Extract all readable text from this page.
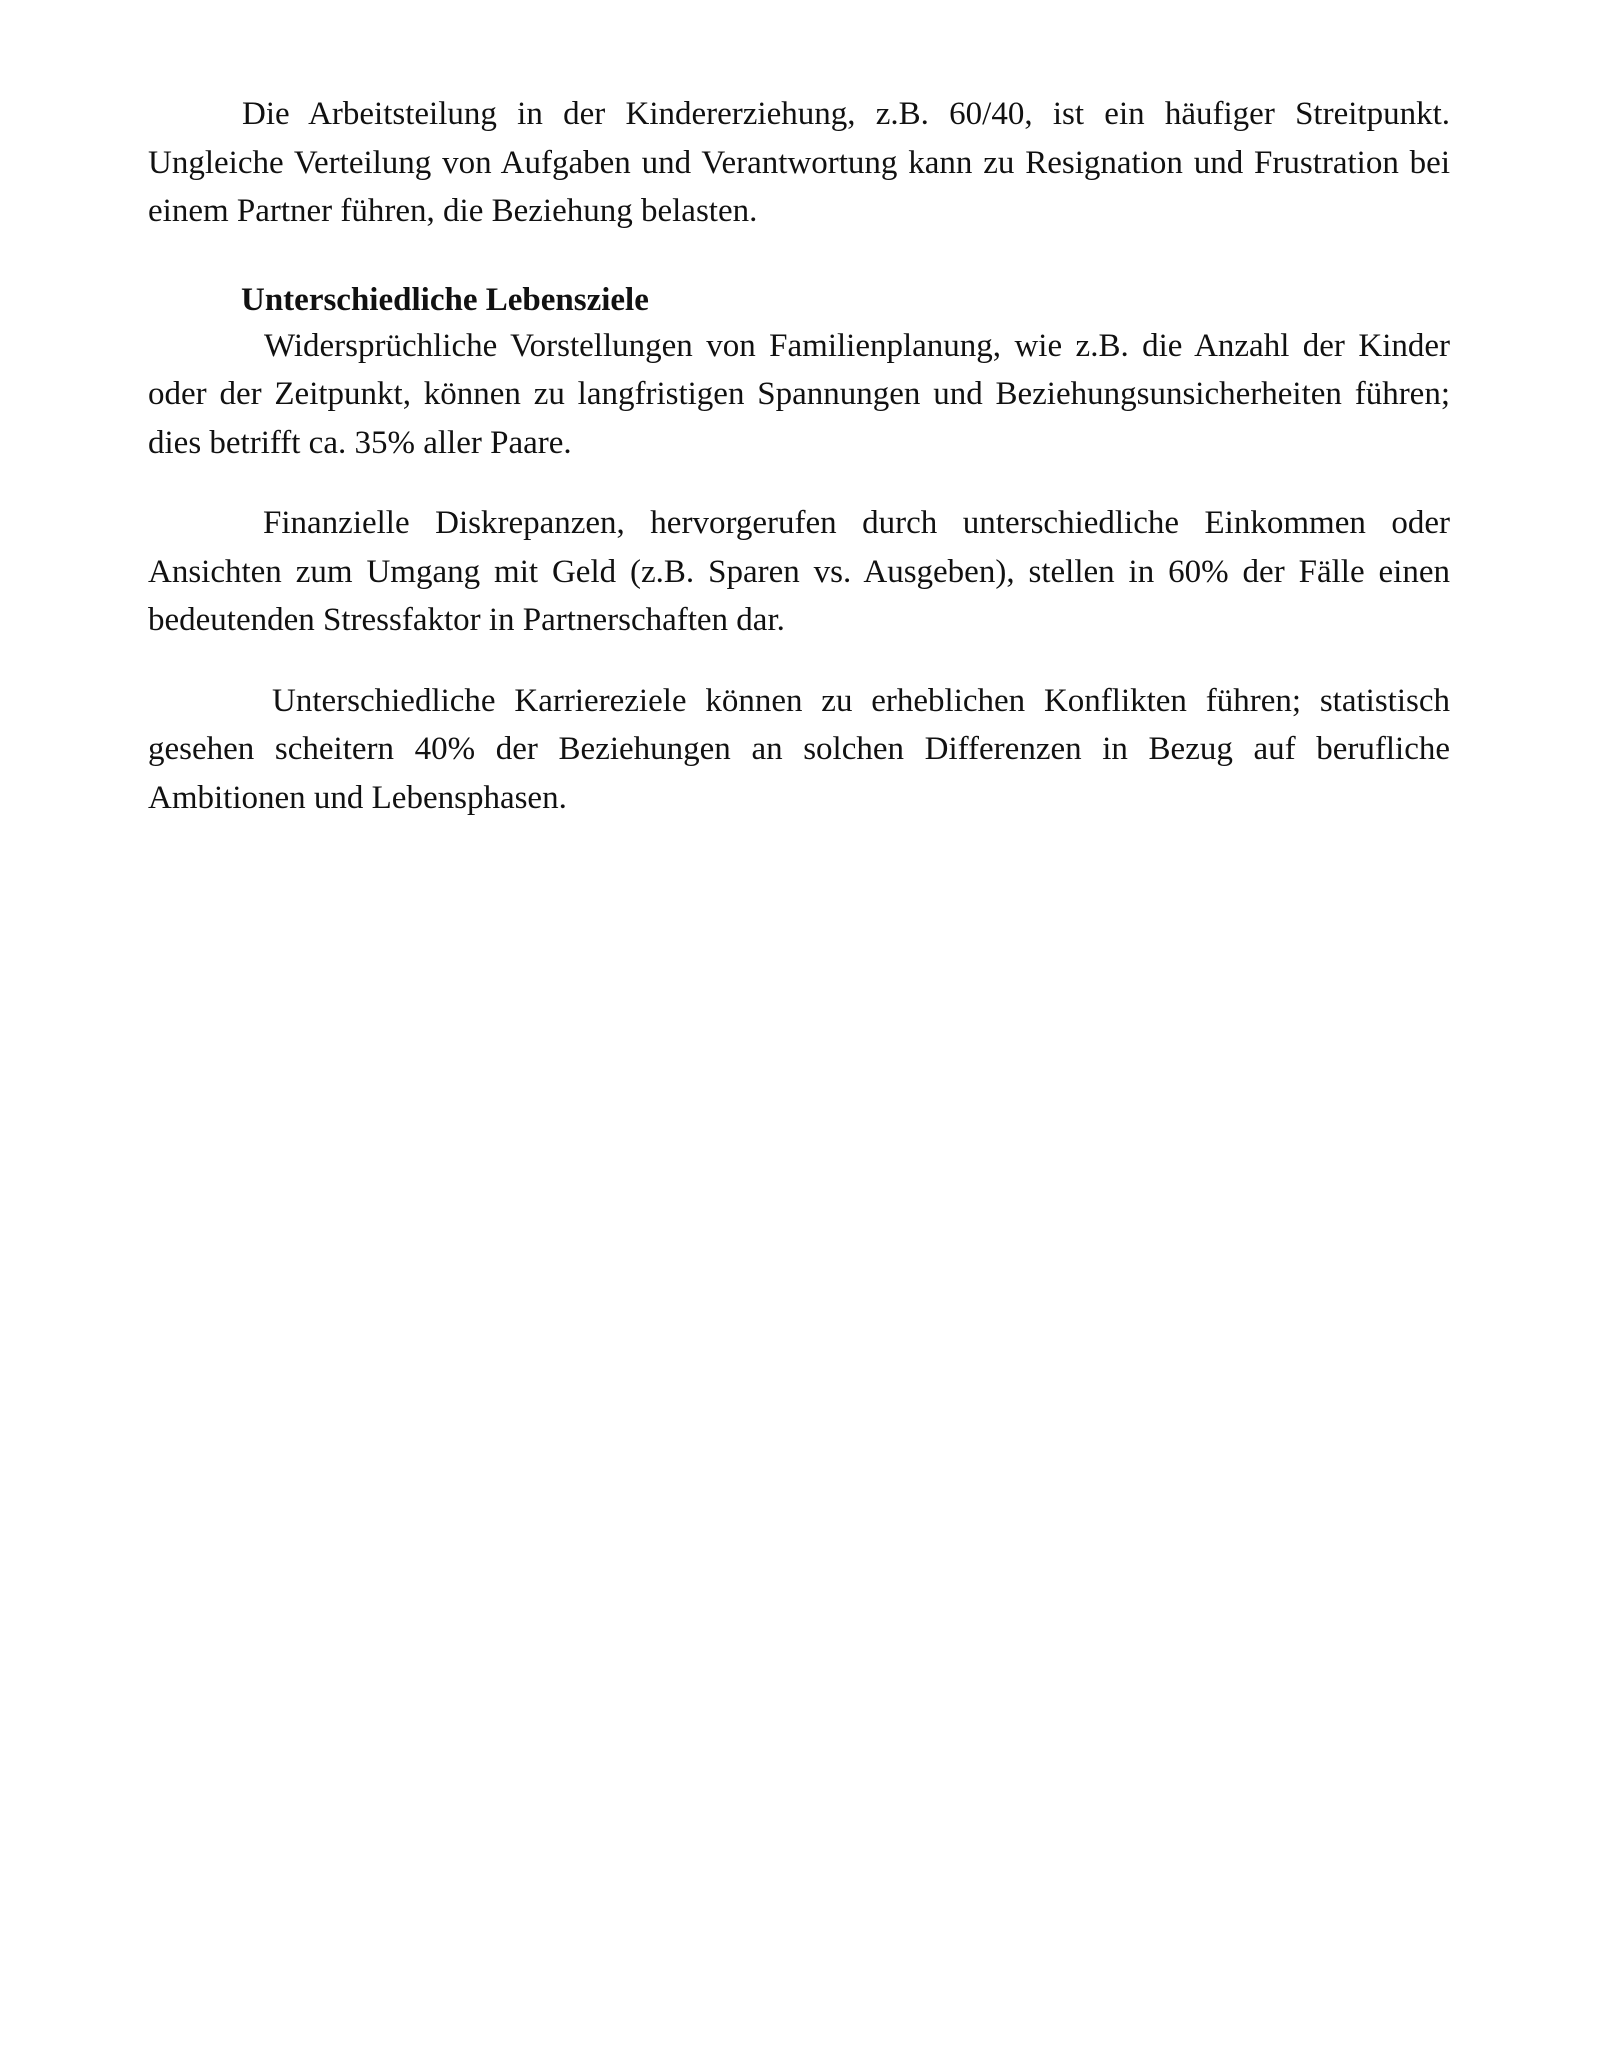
Die Arbeitsteilung in der Kindererziehung, z.B. 60/40, ist ein häufiger Streitpunkt. Ungleiche Verteilung von Aufgaben und Verantwortung kann zu Resignation und Frustration bei einem Partner führen, die Beziehung belasten.

Unterschiedliche Lebensziele

Widersprüchliche Vorstellungen von Familienplanung, wie z.B. die Anzahl der Kinder oder der Zeitpunkt, können zu langfristigen Spannungen und Beziehungsunsicherheiten führen; dies betrifft ca. 35% aller Paare.

Finanzielle Diskrepanzen, hervorgerufen durch unterschiedliche Einkommen oder Ansichten zum Umgang mit Geld (z.B. Sparen vs. Ausgeben), stellen in 60% der Fälle einen bedeutenden Stressfaktor in Partnerschaften dar.

Unterschiedliche Karriereziele können zu erheblichen Konflikten führen; statistisch gesehen scheitern 40% der Beziehungen an solchen Differenzen in Bezug auf berufliche Ambitionen und Lebensphasen.
